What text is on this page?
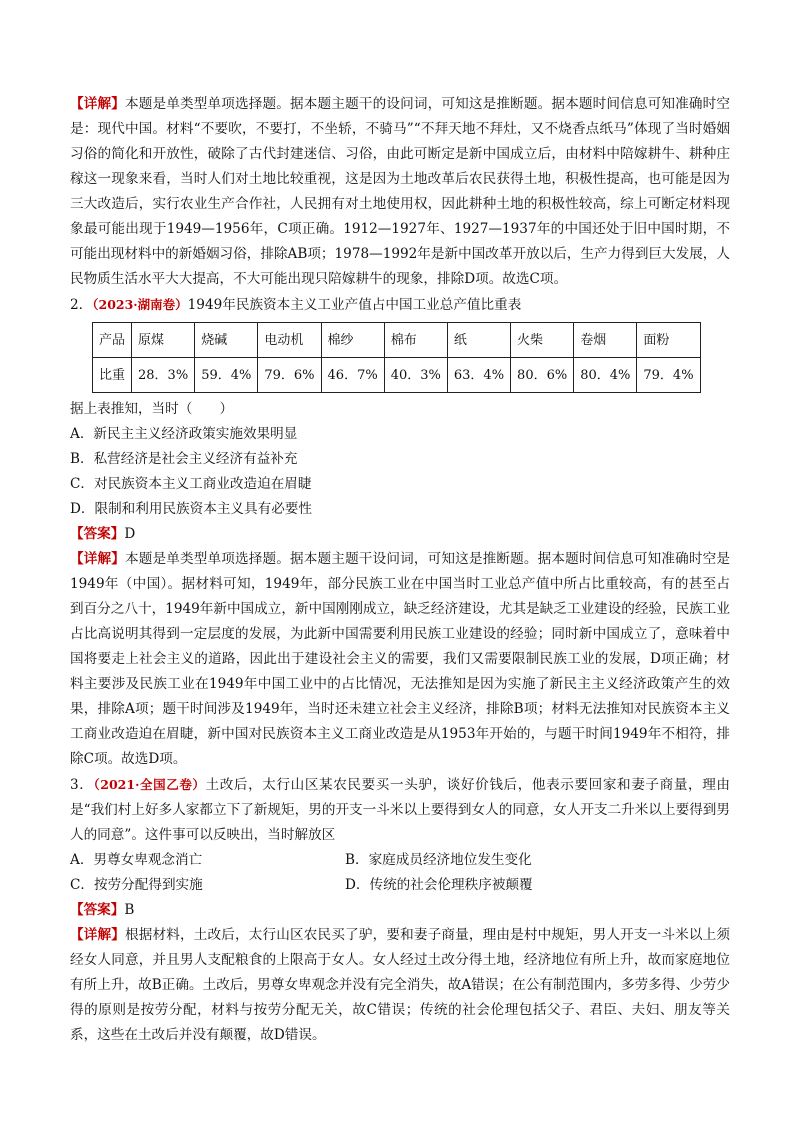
【详解】本题是单类型单项选择题。据本题主题干的设问词，可知这是推断题。据本题时间信息可知准确时空是：现代中国。材料“不要吹，不要打，不坐轿，不骑马”“不拜天地不拜灶，又不烧香点纸马”体现了当时婚姻习俗的简化和开放性，破除了古代封建迷信、习俗，由此可断定是新中国成立后，由材料中陪嫁耕牛、耕种庄稼这一现象来看，当时人们对土地比较重视，这是因为土地改革后农民获得土地，积极性提高，也可能是因为三大改造后，实行农业生产合作社，人民拥有对土地使用权，因此耕种土地的积极性较高，综上可断定材料现象最可能出现于1949—1956年，C项正确。1912—1927年、1927—1937年的中国还处于旧中国时期，不可能出现材料中的新婚姻习俗，排除AB项；1978—1992年是新中国改革开放以后，生产力得到巨大发展，人民物质生活水平大大提高，不大可能出现只陪嫁耕牛的现象，排除D项。故选C项。

2．（2023·湖南卷）1949年民族资本主义工业产值占中国工业总产值比重表

产品	原煤	烧碱	电动机	棉纱	棉布	纸	火柴	卷烟	面粉
比重	28．3%	59．4%	79．6%	46．7%	40．3%	63．4%	80．6%	80．4%	79．4%

据上表推知，当时（　　）

A．新民主主义经济政策实施效果明显

B．私营经济是社会主义经济有益补充

C．对民族资本主义工商业改造迫在眉睫

D．限制和利用民族资本主义具有必要性

【答案】D

【详解】本题是单类型单项选择题。据本题主题干设问词，可知这是推断题。据本题时间信息可知准确时空是1949年（中国）。据材料可知，1949年，部分民族工业在中国当时工业总产值中所占比重较高，有的甚至占到百分之八十，1949年新中国成立，新中国刚刚成立，缺乏经济建设，尤其是缺乏工业建设的经验，民族工业占比高说明其得到一定层度的发展，为此新中国需要利用民族工业建设的经验；同时新中国成立了，意味着中国将要走上社会主义的道路，因此出于建设社会主义的需要，我们又需要限制民族工业的发展，D项正确；材料主要涉及民族工业在1949年中国工业中的占比情况，无法推知是因为实施了新民主主义经济政策产生的效果，排除A项；题干时间涉及1949年，当时还未建立社会主义经济，排除B项；材料无法推知对民族资本主义工商业改造迫在眉睫，新中国对民族资本主义工商业改造是从1953年开始的，与题干时间1949年不相符，排除C项。故选D项。

3．（2021·全国乙卷）土改后，太行山区某农民要买一头驴，谈好价钱后，他表示要回家和妻子商量，理由是“我们村上好多人家都立下了新规矩，男的开支一斗米以上要得到女人的同意，女人开支二升米以上要得到男人的同意”。这件事可以反映出，当时解放区

A．男尊女卑观念消亡	B．家庭成员经济地位发生变化
C．按劳分配得到实施	D．传统的社会伦理秩序被颠覆

【答案】B

【详解】根据材料，土改后，太行山区农民买了驴，要和妻子商量，理由是村中规矩，男人开支一斗米以上须经女人同意，并且男人支配粮食的上限高于女人。女人经过土改分得土地，经济地位有所上升，故而家庭地位有所上升，故B正确。土改后，男尊女卑观念并没有完全消失，故A错误；在公有制范围内，多劳多得、少劳少得的原则是按劳分配，材料与按劳分配无关，故C错误；传统的社会伦理包括父子、君臣、夫妇、朋友等关系，这些在土改后并没有颠覆，故D错误。
